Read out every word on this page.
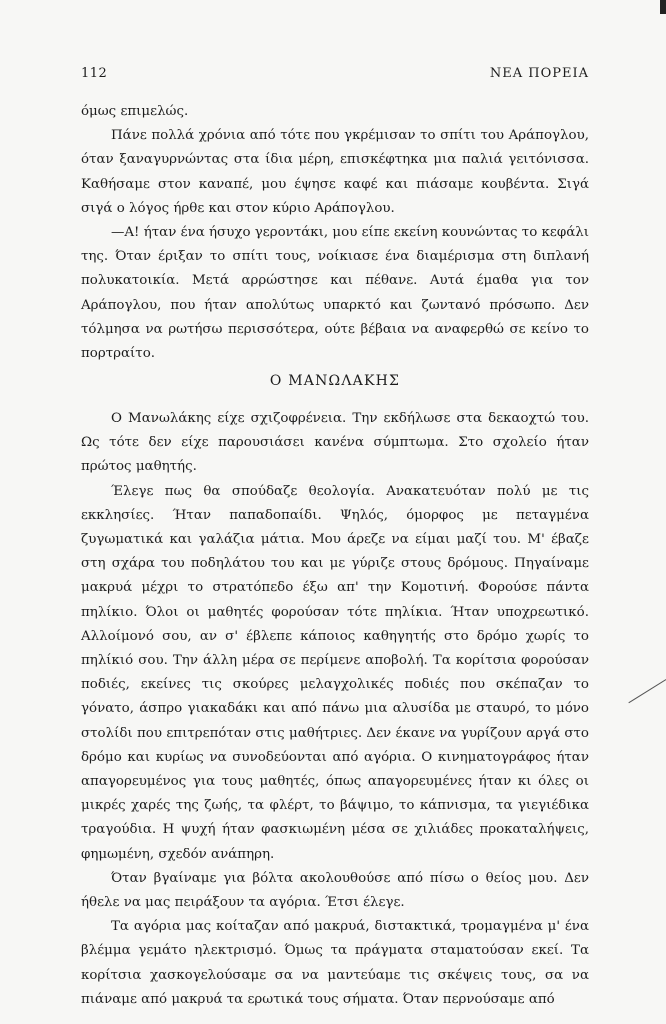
112	ΝΕΑ ΠΟΡΕΙΑ

όμως επιμελώς.

Πάνε πολλά χρόνια από τότε που γκρέμισαν το σπίτι του Αράπογλου, όταν ξαναγυρνώντας στα ίδια μέρη, επισκέφτηκα μια παλιά γειτόνισσα. Καθήσαμε στον καναπέ, μου έψησε καφέ και πιάσαμε κουβέντα. Σιγά σιγά ο λόγος ήρθε και στον κύριο Αράπογλου.

—Α! ήταν ένα ήσυχο γεροντάκι, μου είπε εκείνη κουνώντας το κεφάλι της. Όταν έριξαν το σπίτι τους, νοίκιασε ένα διαμέρισμα στη διπλανή πολυκατοικία. Μετά αρρώστησε και πέθανε. Αυτά έμαθα για τον Αράπογλου, που ήταν απολύτως υπαρκτό και ζωντανό πρόσωπο. Δεν τόλμησα να ρωτήσω περισσότερα, ούτε βέβαια να αναφερθώ σε κείνο το πορτραίτο.

Ο ΜΑΝΩΛΑΚΗΣ

Ο Μανωλάκης είχε σχιζοφρένεια. Την εκδήλωσε στα δεκαοχτώ του. Ως τότε δεν είχε παρουσιάσει κανένα σύμπτωμα. Στο σχολείο ήταν πρώτος μαθητής.

Έλεγε πως θα σπούδαζε θεολογία. Ανακατευόταν πολύ με τις εκκλησίες. Ήταν παπαδοπαίδι. Ψηλός, όμορφος με πεταγμένα ζυγωματικά και γαλάζια μάτια. Μου άρεζε να είμαι μαζί του. Μ' έβαζε στη σχάρα του ποδηλάτου του και με γύριζε στους δρόμους. Πηγαίναμε μακρυά μέχρι το στρατόπεδο έξω απ' την Κομοτινή. Φορούσε πάντα πηλίκιο. Όλοι οι μαθητές φορούσαν τότε πηλίκια. Ήταν υποχρεωτικό. Αλλοίμονό σου, αν σ' έβλεπε κάποιος καθηγητής στο δρόμο χωρίς το πηλίκιό σου. Την άλλη μέρα σε περίμενε αποβολή. Τα κορίτσια φορούσαν ποδιές, εκείνες τις σκούρες μελαγχολικές ποδιές που σκέπαζαν το γόνατο, άσπρο γιακαδάκι και από πάνω μια αλυσίδα με σταυρό, το μόνο στολίδι που επιτρεπόταν στις μαθήτριες. Δεν έκανε να γυρίζουν αργά στο δρόμο και κυρίως να συνοδεύονται από αγόρια. Ο κινηματογράφος ήταν απαγορευμένος για τους μαθητές, όπως απαγορευμένες ήταν κι όλες οι μικρές χαρές της ζωής, τα φλέρτ, το βάψιμο, το κάπνισμα, τα γιεγιέδικα τραγούδια. Η ψυχή ήταν φασκιωμένη μέσα σε χιλιάδες προκαταλήψεις, φημωμένη, σχεδόν ανάπηρη.

Όταν βγαίναμε για βόλτα ακολουθούσε από πίσω ο θείος μου. Δεν ήθελε να μας πειράξουν τα αγόρια. Έτσι έλεγε.

Τα αγόρια μας κοίταζαν από μακρυά, διστακτικά, τρομαγμένα μ' ένα βλέμμα γεμάτο ηλεκτρισμό. Όμως τα πράγματα σταματούσαν εκεί. Τα κορίτσια χασκογελούσαμε σα να μαντεύαμε τις σκέψεις τους, σα να πιάναμε από μακρυά τα ερωτικά τους σήματα. Όταν περνούσαμε από
